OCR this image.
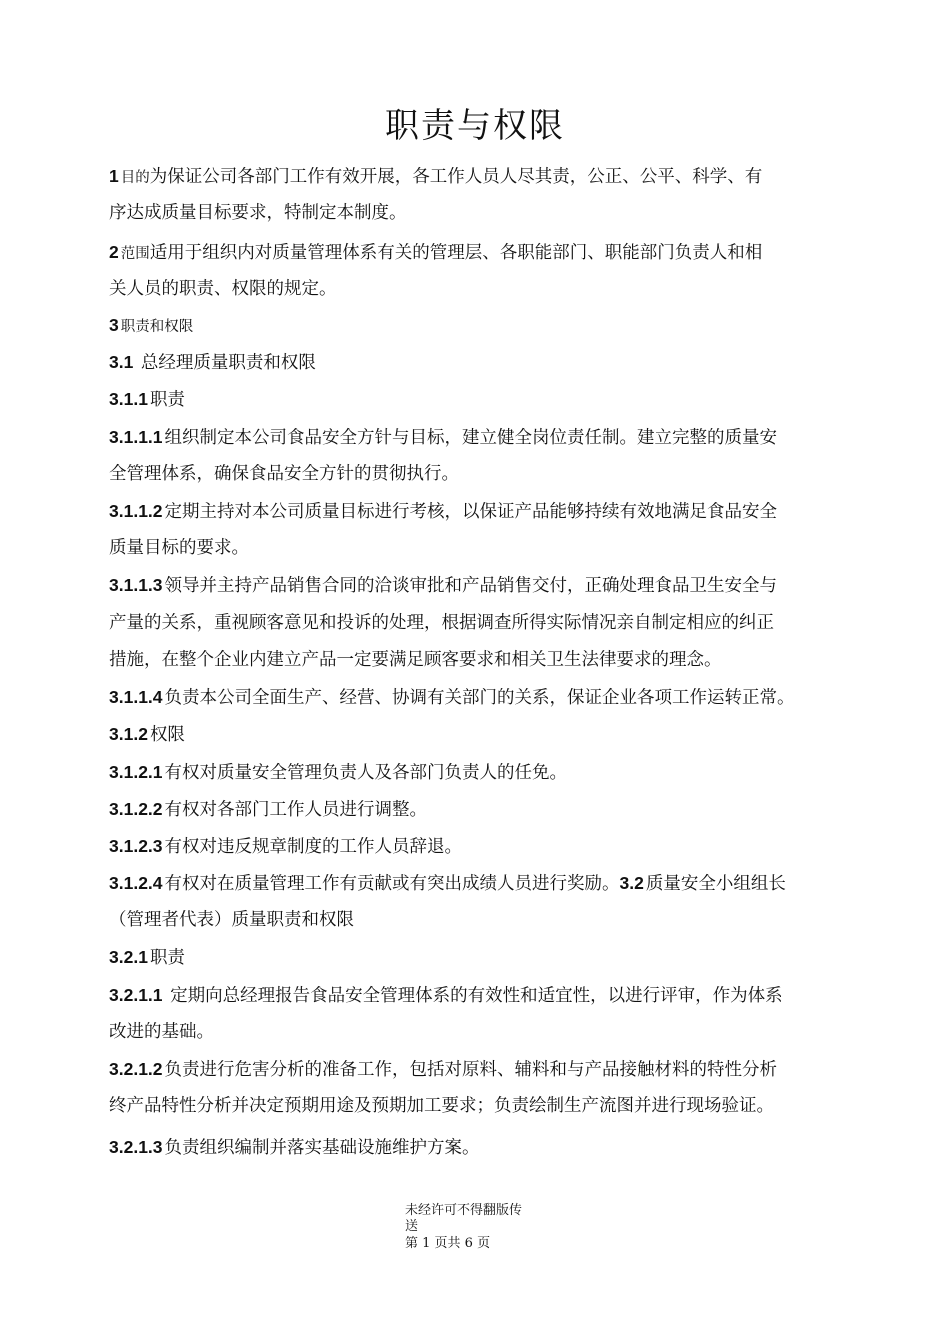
职责与权限
1 目的为保证公司各部门工作有效开展，各工作人员人尽其责，公正、公平、科学、有
序达成质量目标要求，特制定本制度。
2 范围适用于组织内对质量管理体系有关的管理层、各职能部门、职能部门负责人和相
关人员的职责、权限的规定。
3 职责和权限
3.1 总经理质量职责和权限
3.1.1 职责
3.1.1.1 组织制定本公司食品安全方针与目标，建立健全岗位责任制。建立完整的质量安
全管理体系，确保食品安全方针的贯彻执行。
3.1.1.2 定期主持对本公司质量目标进行考核，以保证产品能够持续有效地满足食品安全
质量目标的要求。
3.1.1.3 领导并主持产品销售合同的洽谈审批和产品销售交付，正确处理食品卫生安全与
产量的关系，重视顾客意见和投诉的处理，根据调查所得实际情况亲自制定相应的纠正
措施，在整个企业内建立产品一定要满足顾客要求和相关卫生法律要求的理念。
3.1.1.4 负责本公司全面生产、经营、协调有关部门的关系，保证企业各项工作运转正常。
3.1.2 权限
3.1.2.1 有权对质量安全管理负责人及各部门负责人的任免。
3.1.2.2 有权对各部门工作人员进行调整。
3.1.2.3 有权对违反规章制度的工作人员辞退。
3.1.2.4 有权对在质量管理工作有贡献或有突出成绩人员进行奖励。3.2 质量安全小组组长
（管理者代表）质量职责和权限
3.2.1 职责
3.2.1.1 定期向总经理报告食品安全管理体系的有效性和适宜性，以进行评审，作为体系
改进的基础。
3.2.1.2 负责进行危害分析的准备工作，包括对原料、辅料和与产品接触材料的特性分析
终产品特性分析并决定预期用途及预期加工要求；负责绘制生产流图并进行现场验证。
3.2.1.3 负责组织编制并落实基础设施维护方案。
未经许可不得翻版传
送
第 1 页共 6 页
